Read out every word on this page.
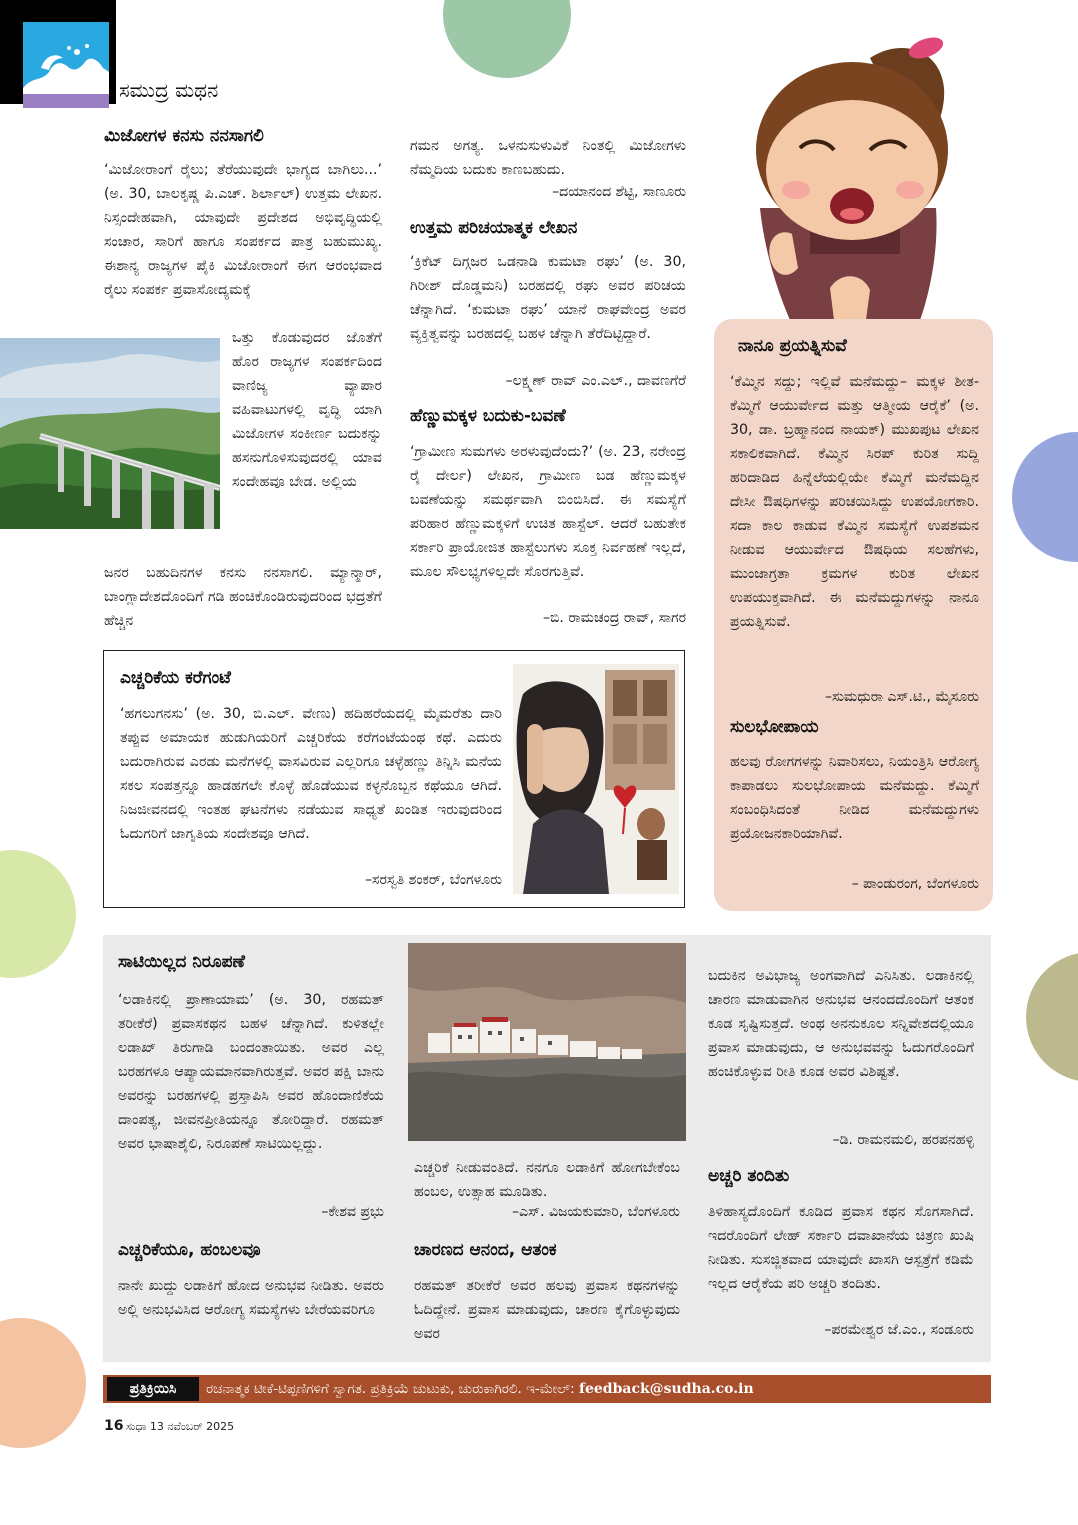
ಸಮುದ್ರ ಮಥನ
ಮಿಜೋಗಳ ಕನಸು ನನಸಾಗಲಿ

‘ಮಿಜೋರಾಂಗೆ ರೈಲು; ತೆರೆಯುವುದೇ ಭಾಗ್ಯದ ಬಾಗಿಲು...’ (ಅ. 30, ಬಾಲಕೃಷ್ಣ ಪಿ.ಎಚ್. ಶಿರ್ಲಾಲ್) ಉತ್ತಮ ಲೇಖನ. ನಿಸ್ಸಂದೇಹವಾಗಿ, ಯಾವುದೇ ಪ್ರದೇಶದ ಅಭಿವೃದ್ಧಿಯಲ್ಲಿ ಸಂಚಾರ, ಸಾರಿಗೆ ಹಾಗೂ ಸಂಪರ್ಕದ ಪಾತ್ರ ಬಹುಮುಖ್ಯ. ಈಶಾನ್ಯ ರಾಜ್ಯಗಳ ಪೈಕಿ ಮಿಜೋರಾಂಗೆ ಈಗ ಆರಂಭವಾದ ರೈಲು ಸಂಪರ್ಕ ಪ್ರವಾಸೋದ್ಯಮಕ್ಕೆ

ಒತ್ತು ಕೊಡುವುದರ ಜೊತೆಗೆ ಹೊರ ರಾಜ್ಯಗಳ ಸಂಪರ್ಕದಿಂದ ವಾಣಿಜ್ಯ ವ್ಯಾಪಾರ ವಹಿವಾಟುಗಳಲ್ಲಿ ವೃದ್ಧಿ ಯಾಗಿ ಮಿಜೋಗಳ ಸಂಕೀರ್ಣ ಬದುಕನ್ನು ಹಸನುಗೊಳಿಸುವುದರಲ್ಲಿ ಯಾವ ಸಂದೇಹವೂ ಬೇಡ. ಅಲ್ಲಿಯ

ಜನರ ಬಹುದಿನಗಳ ಕನಸು ನನಸಾಗಲಿ. ಮ್ಯಾನ್ಮಾರ್, ಬಾಂಗ್ಲಾದೇಶದೊಂದಿಗೆ ಗಡಿ ಹಂಚಿಕೊಂಡಿರುವುದರಿಂದ ಭದ್ರತೆಗೆ ಹೆಚ್ಚಿನ

ಗಮನ ಅಗತ್ಯ. ಒಳನುಸುಳುವಿಕೆ ನಿಂತಲ್ಲಿ ಮಿಜೋಗಳು ನೆಮ್ಮದಿಯ ಬದುಕು ಕಾಣಬಹುದು.

–ದಯಾನಂದ ಶೆಟ್ಟಿ, ಸಾಣೂರು

ಉತ್ತಮ ಪರಿಚಯಾತ್ಮಕ ಲೇಖನ

‘ಕ್ರಿಕೆಟ್ ದಿಗ್ಗಜರ ಒಡನಾಡಿ ಕುಮಟಾ ರಘು’ (ಅ. 30, ಗಿರೀಶ್ ದೊಡ್ಡಮನಿ) ಬರಹದಲ್ಲಿ ರಘು ಅವರ ಪರಿಚಯ ಚೆನ್ನಾಗಿದೆ. ‘ಕುಮಟಾ ರಘು’ ಯಾನೆ ರಾಘವೇಂದ್ರ ಅವರ ವ್ಯಕ್ತಿತ್ವವನ್ನು ಬರಹದಲ್ಲಿ ಬಹಳ ಚೆನ್ನಾಗಿ ತೆರೆದಿಟ್ಟಿದ್ದಾರೆ.

–ಲಕ್ಷ್ಮಣ್ ರಾವ್ ಎಂ.ಎಲ್., ದಾವಣಗೆರೆ

ಹೆಣ್ಣುಮಕ್ಕಳ ಬದುಕು-ಬವಣೆ

‘ಗ್ರಾಮೀಣ ಸುಮಗಳು ಅರಳುವುದೆಂದು?’ (ಅ. 23, ನರೇಂದ್ರ ರೈ ದೇರ್ಲ) ಲೇಖನ, ಗ್ರಾಮೀಣ ಬಡ ಹೆಣ್ಣುಮಕ್ಕಳ ಬವಣೆಯನ್ನು ಸಮರ್ಥವಾಗಿ ಬಿಂಬಿಸಿದೆ. ಈ ಸಮಸ್ಯೆಗೆ ಪರಿಹಾರ ಹೆಣ್ಣುಮಕ್ಕಳಿಗೆ ಉಚಿತ ಹಾಸ್ಟೆಲ್. ಆದರೆ ಬಹುತೇಕ ಸರ್ಕಾರಿ ಪ್ರಾಯೋಜಿತ ಹಾಸ್ಟೆಲುಗಳು ಸೂಕ್ತ ನಿರ್ವಹಣೆ ಇಲ್ಲದೆ, ಮೂಲ ಸೌಲಭ್ಯಗಳಿಲ್ಲದೇ ಸೊರಗುತ್ತಿವೆ.

–ಬಿ. ರಾಮಚಂದ್ರ ರಾವ್, ಸಾಗರ

ಎಚ್ಚರಿಕೆಯ ಕರೆಗಂಟೆ

‘ಹಗಲುಗನಸು’ (ಅ. 30, ಬಿ.ಎಲ್. ವೇಣು) ಹದಿಹರೆಯದಲ್ಲಿ ಮೈಮರೆತು ದಾರಿ ತಪ್ಪುವ ಅಮಾಯಕ ಹುಡುಗಿಯರಿಗೆ ಎಚ್ಚರಿಕೆಯ ಕರೆಗಂಟೆಯಂಥ ಕಥೆ. ಎದುರು ಬದುರಾಗಿರುವ ಎರಡು ಮನೆಗಳಲ್ಲಿ ವಾಸವಿರುವ ಎಲ್ಲರಿಗೂ ಚಳ್ಳೆಹಣ್ಣು ತಿನ್ನಿಸಿ ಮನೆಯ ಸಕಲ ಸಂಪತ್ತನ್ನೂ ಹಾಡಹಗಲೇ ಕೊಳ್ಳೆ ಹೊಡೆಯುವ ಕಳ್ಳನೊಬ್ಬನ ಕಥೆಯೂ ಆಗಿದೆ. ನಿಜಜೀವನದಲ್ಲಿ ಇಂತಹ ಘಟನೆಗಳು ನಡೆಯುವ ಸಾಧ್ಯತೆ ಖಂಡಿತ ಇರುವುದರಿಂದ ಓದುಗರಿಗೆ ಜಾಗೃತಿಯ ಸಂದೇಶವೂ ಆಗಿದೆ.

–ಸರಸ್ವತಿ ಶಂಕರ್, ಬೆಂಗಳೂರು

ನಾನೂ ಪ್ರಯತ್ನಿಸುವೆ

‘ಕೆಮ್ಮಿನ ಸದ್ದು; ಇಲ್ಲಿವೆ ಮನೆಮದ್ದು– ಮಕ್ಕಳ ಶೀತ-ಕೆಮ್ಮಿಗೆ ಆಯುರ್ವೇದ ಮತ್ತು ಆತ್ಮೀಯ ಆರೈಕೆ’ (ಅ. 30, ಡಾ. ಬ್ರಹ್ಮಾನಂದ ನಾಯಕ್) ಮುಖಪುಟ ಲೇಖನ ಸಕಾಲಿಕವಾಗಿದೆ. ಕೆಮ್ಮಿನ ಸಿರಪ್ ಕುರಿತ ಸುದ್ದಿ ಹರಿದಾಡಿದ ಹಿನ್ನೆಲೆಯಲ್ಲಿಯೇ ಕೆಮ್ಮಿಗೆ ಮನೆಮದ್ದಿನ ದೇಸೀ ಔಷಧಿಗಳನ್ನು ಪರಿಚಯಿಸಿದ್ದು ಉಪಯೋಗಕಾರಿ. ಸದಾ ಕಾಲ ಕಾಡುವ ಕೆಮ್ಮಿನ ಸಮಸ್ಯೆಗೆ ಉಪಶಮನ ನೀಡುವ ಆಯುರ್ವೇದ ಔಷಧಿಯ ಸಲಹೆಗಳು, ಮುಂಜಾಗ್ರತಾ ಕ್ರಮಗಳ ಕುರಿತ ಲೇಖನ ಉಪಯುಕ್ತವಾಗಿದೆ. ಈ ಮನೆಮದ್ದುಗಳನ್ನು ನಾನೂ ಪ್ರಯತ್ನಿಸುವೆ.

–ಸುಮಧುರಾ ಎಸ್.ಟಿ., ಮೈಸೂರು

ಸುಲಭೋಪಾಯ

ಹಲವು ರೋಗಗಳನ್ನು ನಿವಾರಿಸಲು, ನಿಯಂತ್ರಿಸಿ ಆರೋಗ್ಯ ಕಾಪಾಡಲು ಸುಲಭೋಪಾಯ ಮನೆಮದ್ದು. ಕೆಮ್ಮಿಗೆ ಸಂಬಂಧಿಸಿದಂತೆ ನೀಡಿದ ಮನೆಮದ್ದುಗಳು ಪ್ರಯೋಜನಕಾರಿಯಾಗಿವೆ.

– ಪಾಂಡುರಂಗ, ಬೆಂಗಳೂರು

ಸಾಟಿಯಿಲ್ಲದ ನಿರೂಪಣೆ

‘ಲಡಾಕಿನಲ್ಲಿ ಪ್ರಾಣಾಯಾಮ’ (ಅ. 30, ರಹಮತ್ ತರೀಕೆರೆ) ಪ್ರವಾಸಕಥನ ಬಹಳ ಚೆನ್ನಾಗಿದೆ. ಕುಳಿತಲ್ಲೇ ಲಡಾಖ್ ತಿರುಗಾಡಿ ಬಂದಂತಾಯಿತು. ಅವರ ಎಲ್ಲ ಬರಹಗಳೂ ಆಪ್ಯಾಯಮಾನವಾಗಿರುತ್ತವೆ. ಅವರ ಪಕ್ಷಿ ಬಾನು ಅವರನ್ನು ಬರಹಗಳಲ್ಲಿ ಪ್ರಸ್ತಾಪಿಸಿ ಅವರ ಹೊಂದಾಣಿಕೆಯ ದಾಂಪತ್ಯ, ಜೀವನಪ್ರೀತಿಯನ್ನೂ ತೋರಿದ್ದಾರೆ. ರಹಮತ್ ಅವರ ಭಾಷಾಶೈಲಿ, ನಿರೂಪಣೆ ಸಾಟಿಯಿಲ್ಲದ್ದು.

–ಕೇಶವ ಪ್ರಭು

ಎಚ್ಚರಿಕೆಯೂ, ಹಂಬಲವೂ

ನಾನೇ ಖುದ್ದು ಲಡಾಕಿಗೆ ಹೋದ ಅನುಭವ ನೀಡಿತು. ಅವರು ಅಲ್ಲಿ ಅನುಭವಿಸಿದ ಆರೋಗ್ಯ ಸಮಸ್ಯೆಗಳು ಬೇರೆಯವರಿಗೂ

ಎಚ್ಚರಿಕೆ ನೀಡುವಂತಿದೆ. ನನಗೂ ಲಡಾಕಿಗೆ ಹೋಗಬೇಕೆಂಬ ಹಂಬಲ, ಉತ್ಸಾಹ ಮೂಡಿತು.

–ಎಸ್. ವಿಜಯಕುಮಾರಿ, ಬೆಂಗಳೂರು

ಚಾರಣದ ಆನಂದ, ಆತಂಕ

ರಹಮತ್ ತರೀಕೆರೆ ಅವರ ಹಲವು ಪ್ರವಾಸ ಕಥನಗಳನ್ನು ಓದಿದ್ದೇನೆ. ಪ್ರವಾಸ ಮಾಡುವುದು, ಚಾರಣ ಕೈಗೊಳ್ಳುವುದು ಅವರ

ಬದುಕಿನ ಅವಿಭಾಜ್ಯ ಅಂಗವಾಗಿದೆ ಎನಿಸಿತು. ಲಡಾಕಿನಲ್ಲಿ ಚಾರಣ ಮಾಡುವಾಗಿನ ಅನುಭವ ಆನಂದದೊಂದಿಗೆ ಆತಂಕ ಕೂಡ ಸೃಷ್ಟಿಸುತ್ತದೆ. ಅಂಥ ಅನನುಕೂಲ ಸನ್ನಿವೇಶದಲ್ಲಿಯೂ ಪ್ರವಾಸ ಮಾಡುವುದು, ಆ ಅನುಭವವನ್ನು ಓದುಗರೊಂದಿಗೆ ಹಂಚಿಕೊಳ್ಳುವ ರೀತಿ ಕೂಡ ಅವರ ವಿಶಿಷ್ಟತೆ.

–ಡಿ. ರಾಮನಮಲಿ, ಹರಪನಹಳ್ಳಿ

ಅಚ್ಚರಿ ತಂದಿತು

ತಿಳಿಹಾಸ್ಯದೊಂದಿಗೆ ಕೂಡಿದ ಪ್ರವಾಸ ಕಥನ ಸೊಗಸಾಗಿದೆ. ಇದರೊಂದಿಗೆ ಲೇಹ್ ಸರ್ಕಾರಿ ದವಾಖಾನೆಯ ಚಿತ್ರಣ ಖುಷಿ ನೀಡಿತು. ಸುಸಜ್ಜಿತವಾದ ಯಾವುದೇ ಖಾಸಗಿ ಆಸ್ಪತ್ರೆಗೆ ಕಡಿಮೆ ಇಲ್ಲದ ಆರೈಕೆಯ ಪರಿ ಅಚ್ಚರಿ ತಂದಿತು.

–ಪರಮೇಶ್ವರ ಜೆ.ಎಂ., ಸಂಡೂರು

ಪ್ರತಿಕ್ರಿಯಿಸಿ	ರಚನಾತ್ಮಕ ಟೀಕೆ-ಟಿಪ್ಪಣಿಗಳಿಗೆ ಸ್ವಾಗತ. ಪ್ರತಿಕ್ರಿಯೆ ಚುಟುಕು, ಚುರುಕಾಗಿರಲಿ. ಇ-ಮೇಲ್: feedback@sudha.co.in
16 ಸುಧಾ 13 ನವೆಂಬರ್ 2025
